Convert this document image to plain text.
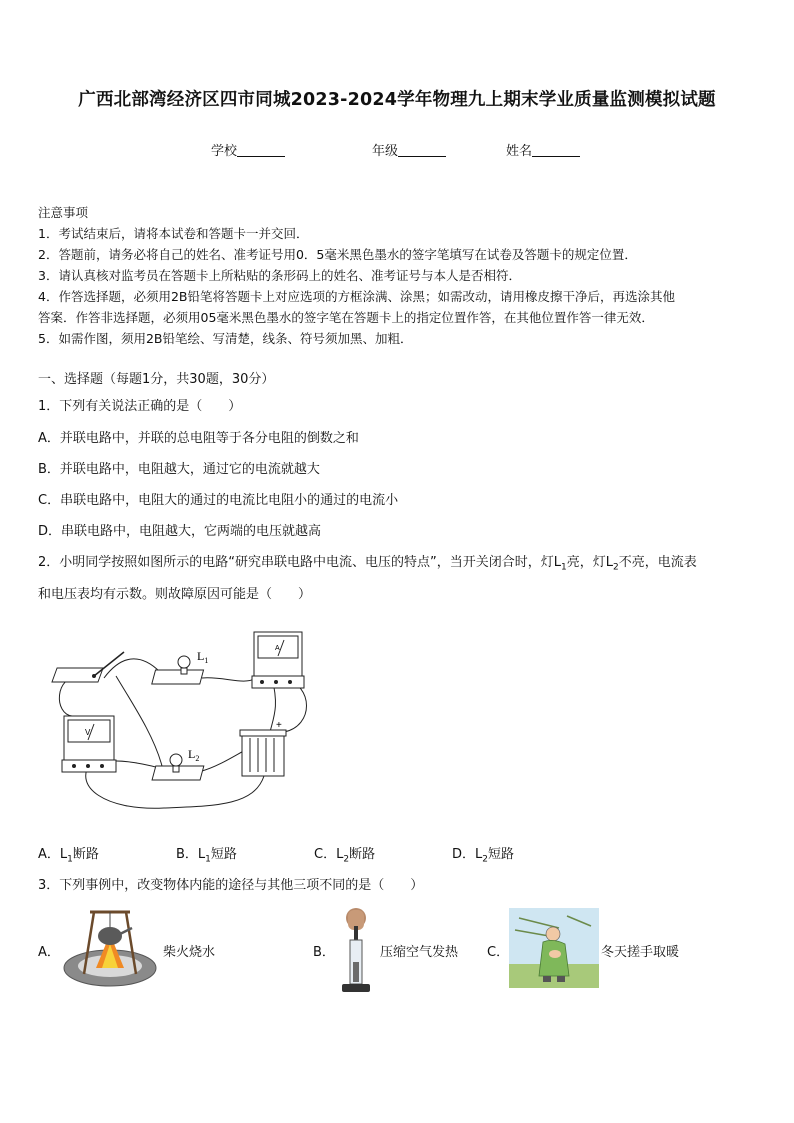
广西北部湾经济区四市同城2023-2024学年物理九上期末学业质量监测模拟试题
学校	年级	姓名
注意事项
1．考试结束后，请将本试卷和答题卡一并交回．
2．答题前，请务必将自己的姓名、准考证号用0．5毫米黑色墨水的签字笔填写在试卷及答题卡的规定位置．
3．请认真核对监考员在答题卡上所粘贴的条形码上的姓名、准考证号与本人是否相符．
4．作答选择题，必须用2B铅笔将答题卡上对应选项的方框涂满、涂黑；如需改动，请用橡皮擦干净后，再选涂其他
答案．作答非选择题，必须用05毫米黑色墨水的签字笔在答题卡上的指定位置作答，在其他位置作答一律无效．
5．如需作图，须用2B铅笔绘、写清楚，线条、符号须加黑、加粗．
一、选择题（每题1分，共30题，30分）
1．下列有关说法正确的是（　　）
A．并联电路中，并联的总电阻等于各分电阻的倒数之和
B．并联电路中，电阻越大，通过它的电流就越大
C．串联电路中，电阻大的通过的电流比电阻小的通过的电流小
D．串联电路中，电阻越大，它两端的电压就越高
2．小明同学按照如图所示的电路“研究串联电路中电流、电压的特点”，当开关闭合时，灯$L_1$亮，灯$L_2$不亮，电流表
和电压表均有示数。则故障原因可能是（　　）
$L_1$
A
V
$L_2$
+
A．$L_1$断路	B．$L_1$短路	C．$L_2$断路	D．$L_2$短路
3．下列事例中，改变物体内能的途径与其他三项不同的是（　　）
A．	柴火烧水	B．	压缩空气发热 C．	冬天搓手取暖
